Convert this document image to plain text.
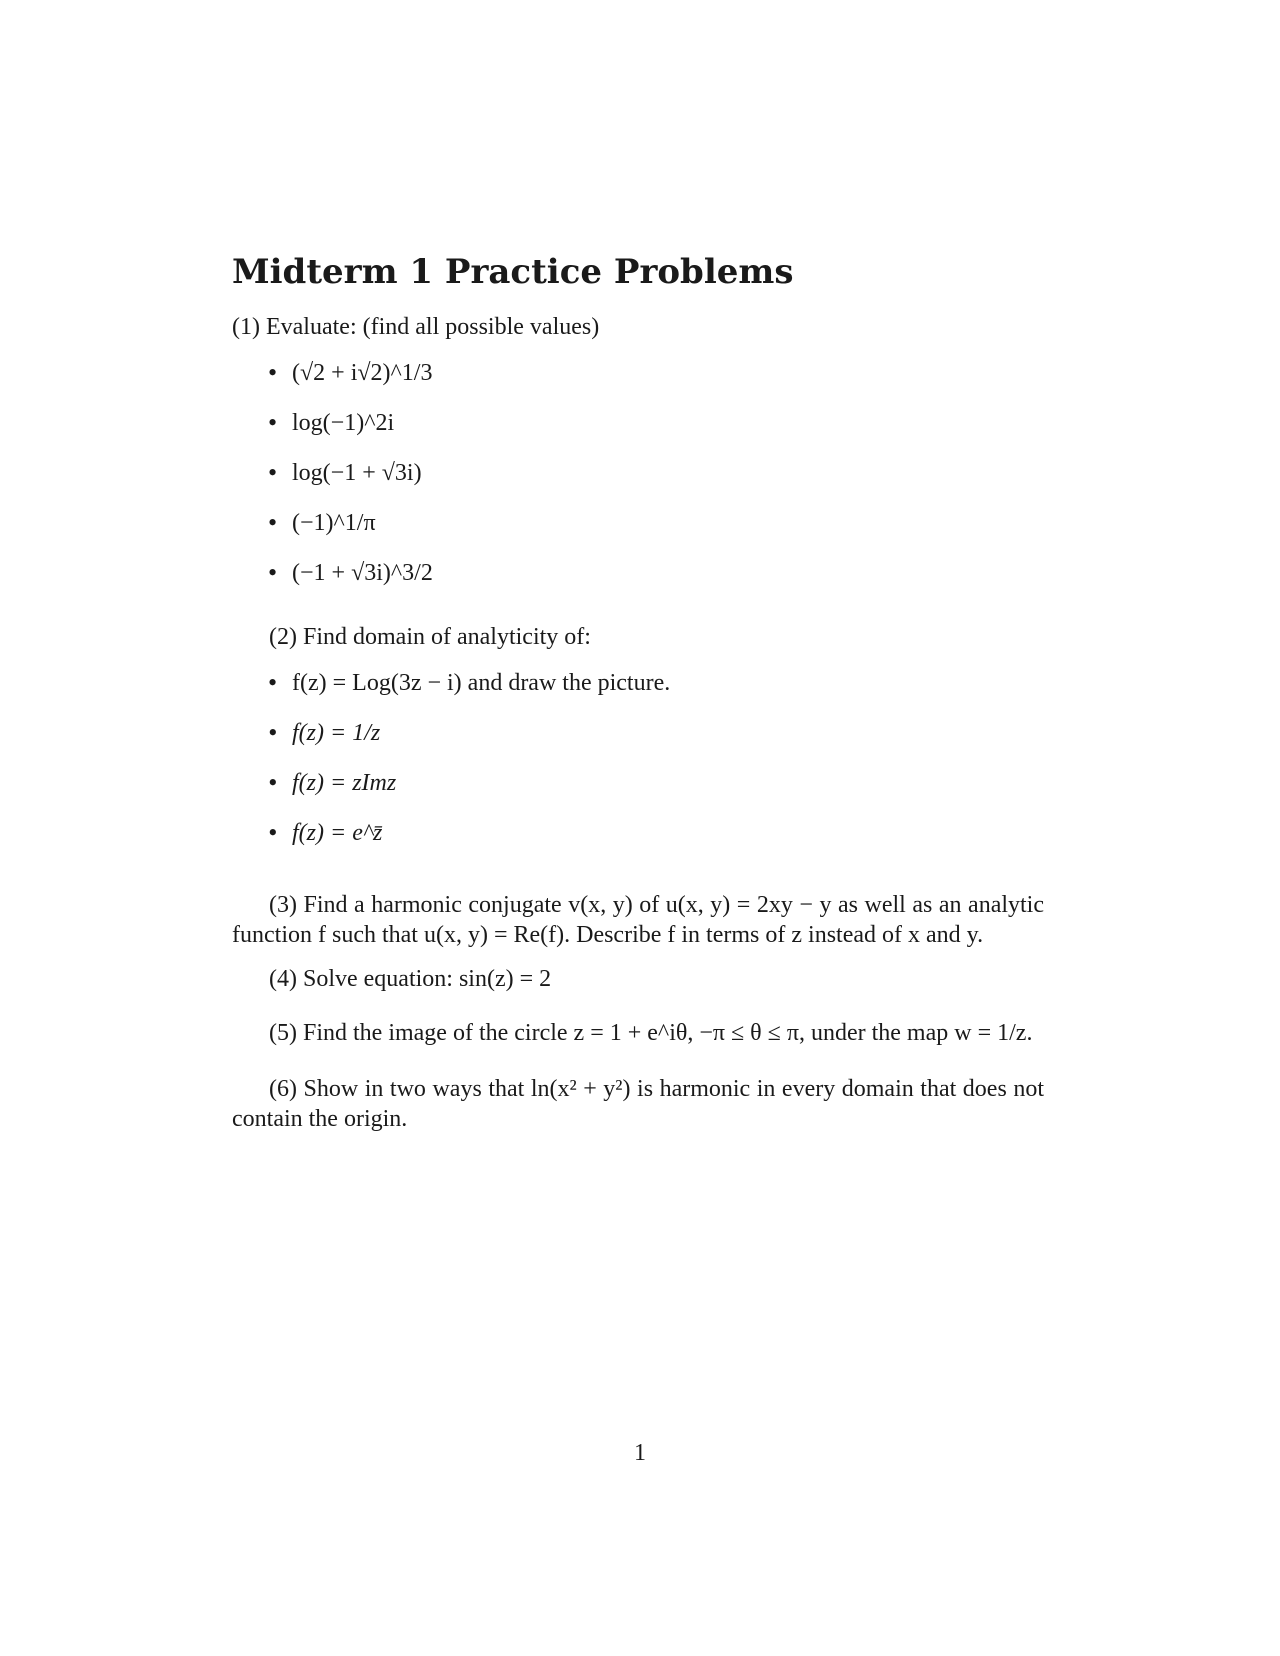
Midterm 1 Practice Problems

(1) Evaluate: (find all possible values)

• (√2 + i√2)^1/3
• log(−1)^2i
• log(−1 + √3i)
• (−1)^1/π
• (−1 + √3i)^3/2

(2) Find domain of analyticity of:

• f(z) = Log(3z − i) and draw the picture.
• f(z) = 1/z
• f(z) = zImz
• f(z) = e^z̄

(3) Find a harmonic conjugate v(x, y) of u(x, y) = 2xy − y as well as an analytic function f such that u(x, y) = Re(f). Describe f in terms of z instead of x and y.

(4) Solve equation: sin(z) = 2

(5) Find the image of the circle z = 1 + e^iθ, −π ≤ θ ≤ π, under the map w = 1/z.

(6) Show in two ways that ln(x² + y²) is harmonic in every domain that does not contain the origin.

1
